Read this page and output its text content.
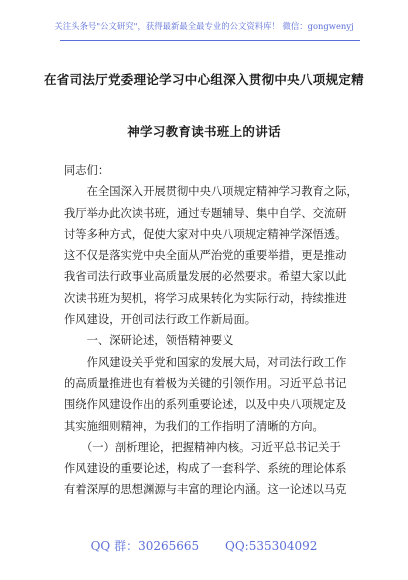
关注头条号"公文研究"，获得最新最全最专业的公文资料库！ 微信：gongwenyj
在省司法厅党委理论学习中心组深入贯彻中央八项规定精
神学习教育读书班上的讲话
同志们：
　　在全国深入开展贯彻中央八项规定精神学习教育之际，
我厅举办此次读书班，通过专题辅导、集中自学、交流研
讨等多种方式，促使大家对中央八项规定精神学深悟透。
这不仅是落实党中央全面从严治党的重要举措，更是推动
我省司法行政事业高质量发展的必然要求。希望大家以此
次读书班为契机，将学习成果转化为实际行动，持续推进
作风建设，开创司法行政工作新局面。
　　一、深研论述，领悟精神要义
　　作风建设关乎党和国家的发展大局，对司法行政工作
的高质量推进也有着极为关键的引领作用。习近平总书记
围绕作风建设作出的系列重要论述，以及中央八项规定及
其实施细则精神，为我们的工作指明了清晰的方向。
　　（一）剖析理论，把握精神内核。习近平总书记关于
作风建设的重要论述，构成了一套科学、系统的理论体系
有着深厚的思想渊源与丰富的理论内涵。这一论述以马克
QQ 群：30265665 QQ:535304092
